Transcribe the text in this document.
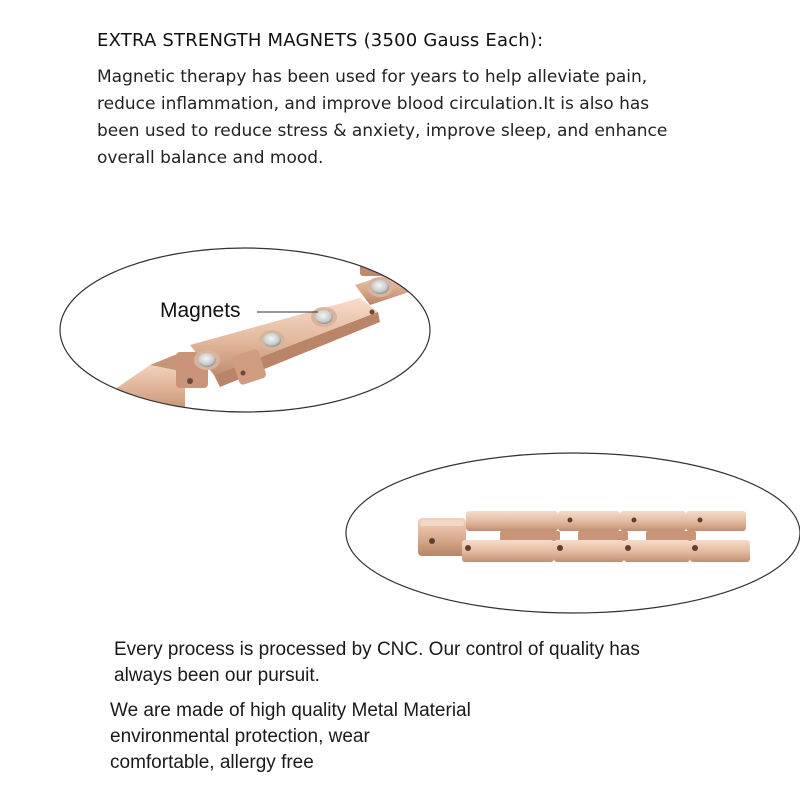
EXTRA STRENGTH MAGNETS (3500 Gauss Each):
Magnetic therapy has been used for years to help alleviate pain,
reduce inflammation, and improve blood circulation.It is also has
been used to reduce stress & anxiety, improve sleep, and enhance
overall balance and mood.
Magnets
Every process is processed by CNC. Our control of quality has
always been our pursuit.
We are made of high quality Metal Material
environmental protection, wear
comfortable, allergy free
